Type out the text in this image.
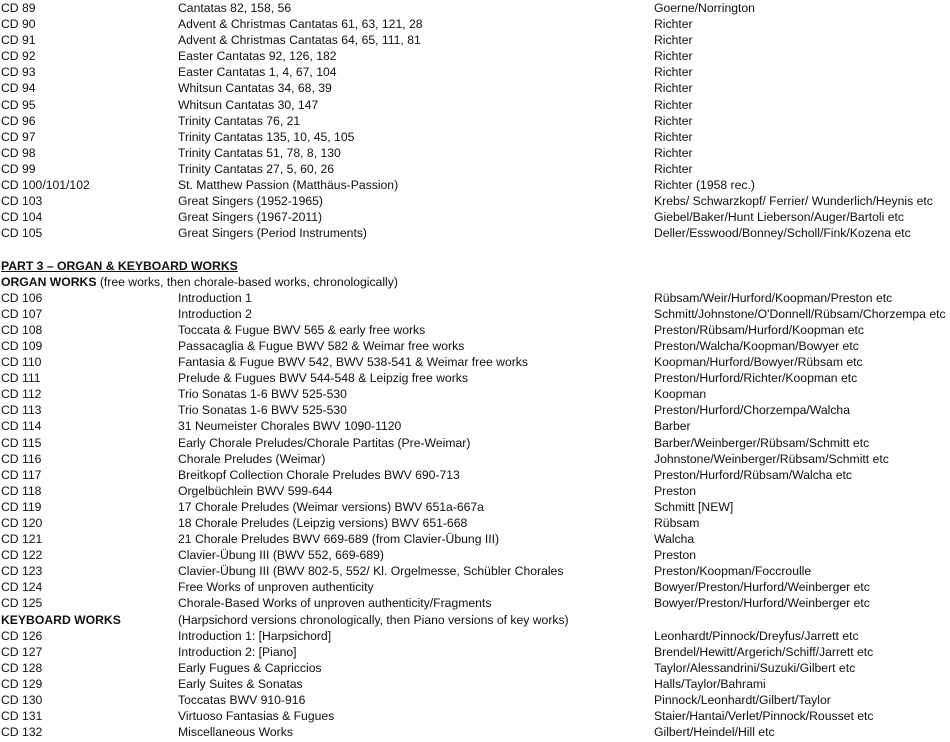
CD 89	Cantatas 82, 158, 56	Goerne/Norrington
CD 90	Advent & Christmas Cantatas 61, 63, 121, 28	Richter
CD 91	Advent & Christmas Cantatas 64, 65, 111, 81	Richter
CD 92	Easter Cantatas 92, 126, 182	Richter
CD 93	Easter Cantatas 1, 4, 67, 104	Richter
CD 94	Whitsun Cantatas 34, 68, 39	Richter
CD 95	Whitsun Cantatas 30, 147	Richter
CD 96	Trinity Cantatas 76, 21	Richter
CD 97	Trinity Cantatas 135, 10, 45, 105	Richter
CD 98	Trinity Cantatas 51, 78, 8, 130	Richter
CD 99	Trinity Cantatas 27, 5, 60, 26	Richter
CD 100/101/102	St. Matthew Passion (Matthäus-Passion)	Richter (1958 rec.)
CD 103	Great Singers (1952-1965)	Krebs/ Schwarzkopf/ Ferrier/ Wunderlich/Heynis etc
CD 104	Great Singers (1967-2011)	Giebel/Baker/Hunt Lieberson/Auger/Bartoli etc
CD 105	Great Singers (Period Instruments)	Deller/Esswood/Bonney/Scholl/Fink/Kozena etc
PART 3 – ORGAN & KEYBOARD WORKS
ORGAN WORKS (free works, then chorale-based works, chronologically)
CD 106	Introduction 1	Rübsam/Weir/Hurford/Koopman/Preston etc
CD 107	Introduction 2	Schmitt/Johnstone/O'Donnell/Rübsam/Chorzempa etc
CD 108	Toccata & Fugue BWV 565 & early free works	Preston/Rübsam/Hurford/Koopman etc
CD 109	Passacaglia & Fugue BWV 582 & Weimar free works	Preston/Walcha/Koopman/Bowyer etc
CD 110	Fantasia & Fugue BWV 542, BWV 538-541 & Weimar free works	Koopman/Hurford/Bowyer/Rübsam etc
CD 111	Prelude & Fugues BWV 544-548 & Leipzig free works	Preston/Hurford/Richter/Koopman etc
CD 112	Trio Sonatas 1-6 BWV 525-530	Koopman
CD 113	Trio Sonatas 1-6 BWV 525-530	Preston/Hurford/Chorzempa/Walcha
CD 114	31 Neumeister Chorales BWV 1090-1120	Barber
CD 115	Early Chorale Preludes/Chorale Partitas (Pre-Weimar)	Barber/Weinberger/Rübsam/Schmitt etc
CD 116	Chorale Preludes (Weimar)	Johnstone/Weinberger/Rübsam/Schmitt etc
CD 117	Breitkopf Collection Chorale Preludes BWV 690-713	Preston/Hurford/Rübsam/Walcha etc
CD 118	Orgelbüchlein BWV 599-644	Preston
CD 119	17 Chorale Preludes (Weimar versions) BWV 651a-667a	Schmitt [NEW]
CD 120	18 Chorale Preludes (Leipzig versions) BWV 651-668	Rübsam
CD 121	21 Chorale Preludes BWV 669-689 (from Clavier-Übung III)	Walcha
CD 122	Clavier-Übung III (BWV 552, 669-689)	Preston
CD 123	Clavier-Übung III (BWV 802-5, 552/ Kl. Orgelmesse, Schübler Chorales	Preston/Koopman/Foccroulle
CD 124	Free Works of unproven authenticity	Bowyer/Preston/Hurford/Weinberger etc
CD 125	Chorale-Based Works of unproven authenticity/Fragments	Bowyer/Preston/Hurford/Weinberger etc
KEYBOARD WORKS	(Harpsichord versions chronologically, then Piano versions of key works)
CD 126	Introduction 1: [Harpsichord]	Leonhardt/Pinnock/Dreyfus/Jarrett etc
CD 127	Introduction 2: [Piano]	Brendel/Hewitt/Argerich/Schiff/Jarrett etc
CD 128	Early Fugues & Capriccios	Taylor/Alessandrini/Suzuki/Gilbert etc
CD 129	Early Suites & Sonatas	Halls/Taylor/Bahrami
CD 130	Toccatas BWV 910-916	Pinnock/Leonhardt/Gilbert/Taylor
CD 131	Virtuoso Fantasias & Fugues	Staier/Hantai/Verlet/Pinnock/Rousset etc
CD 132	Miscellaneous Works	Gilbert/Heindel/Hill etc
